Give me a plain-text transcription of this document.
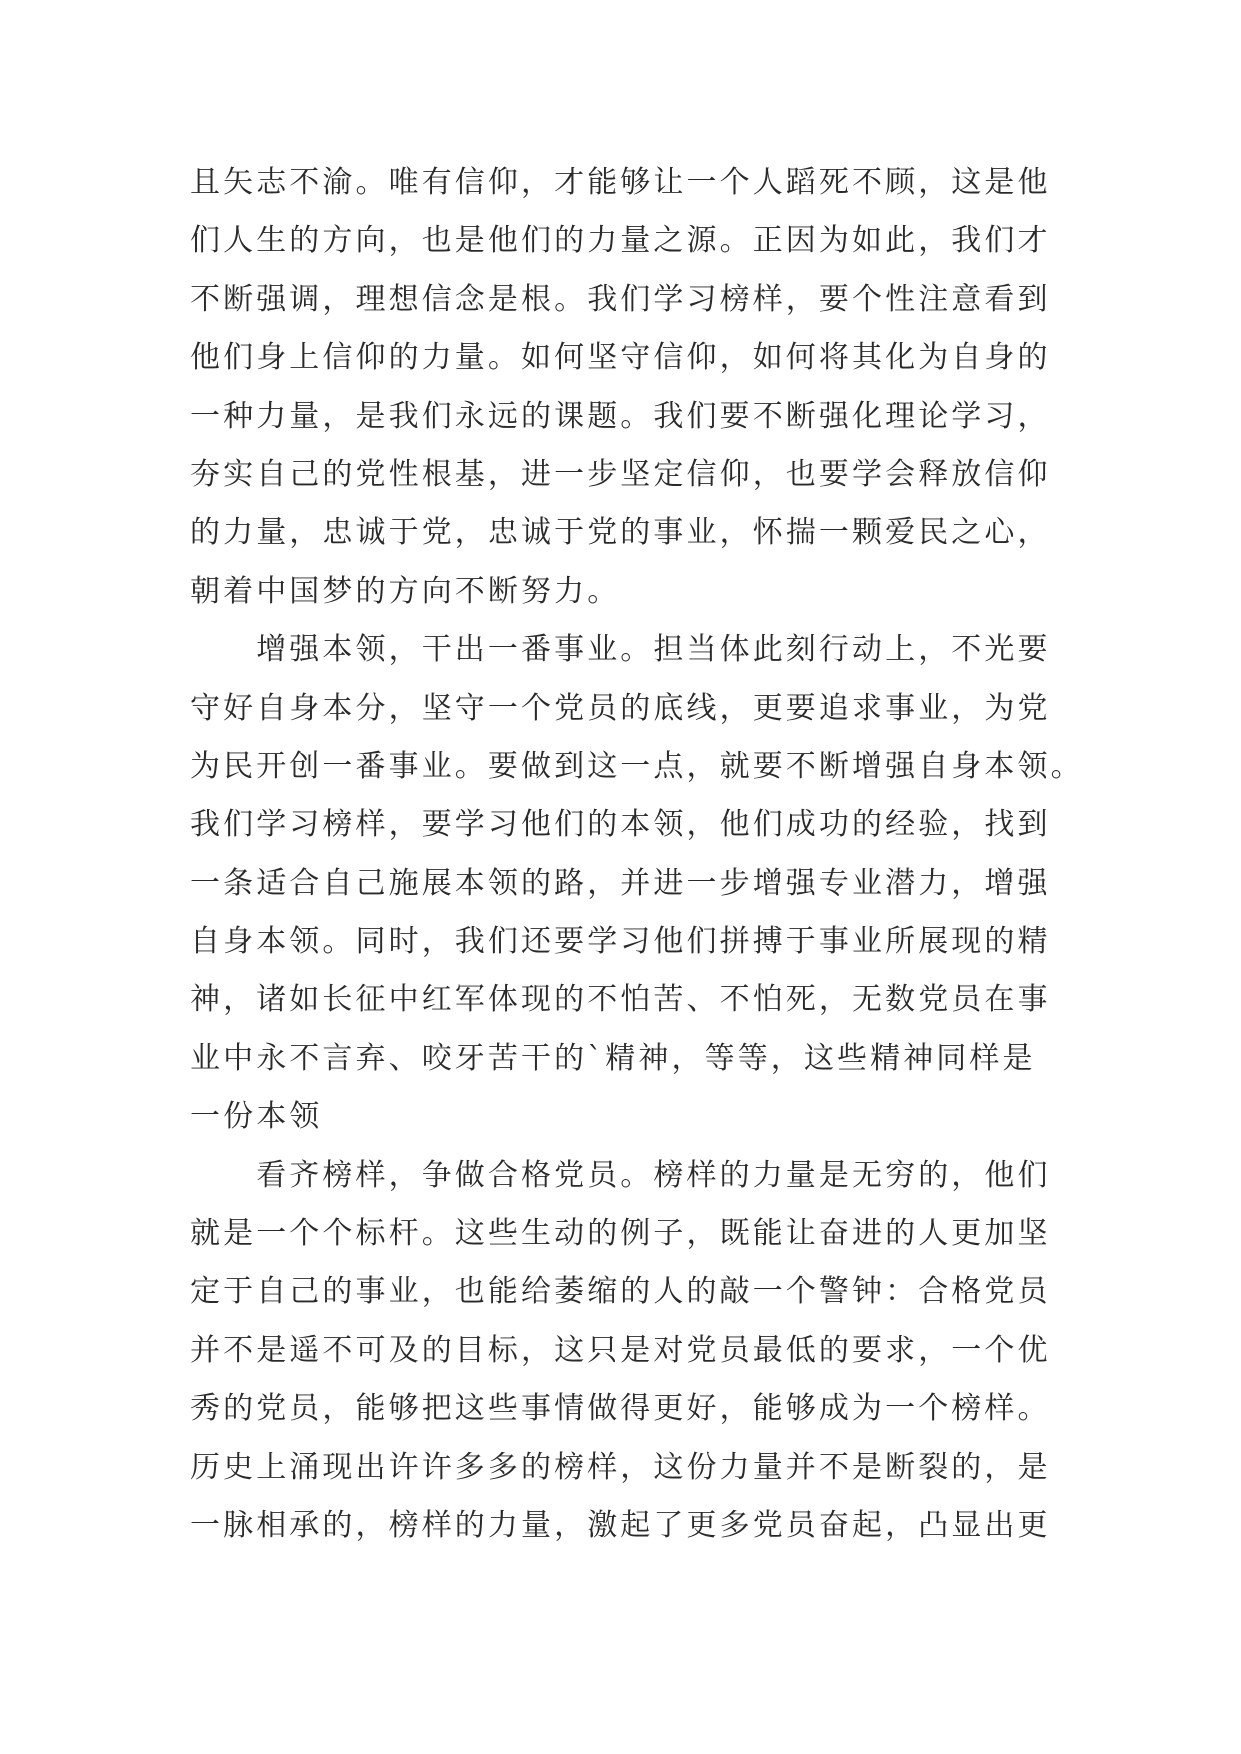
且矢志不渝。唯有信仰，才能够让一个人蹈死不顾，这是他
们人生的方向，也是他们的力量之源。正因为如此，我们才
不断强调，理想信念是根。我们学习榜样，要个性注意看到
他们身上信仰的力量。如何坚守信仰，如何将其化为自身的
一种力量，是我们永远的课题。我们要不断强化理论学习，
夯实自己的党性根基，进一步坚定信仰，也要学会释放信仰
的力量，忠诚于党，忠诚于党的事业，怀揣一颗爱民之心，
朝着中国梦的方向不断努力。
　　增强本领，干出一番事业。担当体此刻行动上，不光要
守好自身本分，坚守一个党员的底线，更要追求事业，为党
为民开创一番事业。要做到这一点，就要不断增强自身本领。
我们学习榜样，要学习他们的本领，他们成功的经验，找到
一条适合自己施展本领的路，并进一步增强专业潜力，增强
自身本领。同时，我们还要学习他们拼搏于事业所展现的精
神，诸如长征中红军体现的不怕苦、不怕死，无数党员在事
业中永不言弃、咬牙苦干的`精神，等等，这些精神同样是
一份本领
　　看齐榜样，争做合格党员。榜样的力量是无穷的，他们
就是一个个标杆。这些生动的例子，既能让奋进的人更加坚
定于自己的事业，也能给萎缩的人的敲一个警钟：合格党员
并不是遥不可及的目标，这只是对党员最低的要求，一个优
秀的党员，能够把这些事情做得更好，能够成为一个榜样。
历史上涌现出许许多多的榜样，这份力量并不是断裂的，是
一脉相承的，榜样的力量，激起了更多党员奋起，凸显出更
